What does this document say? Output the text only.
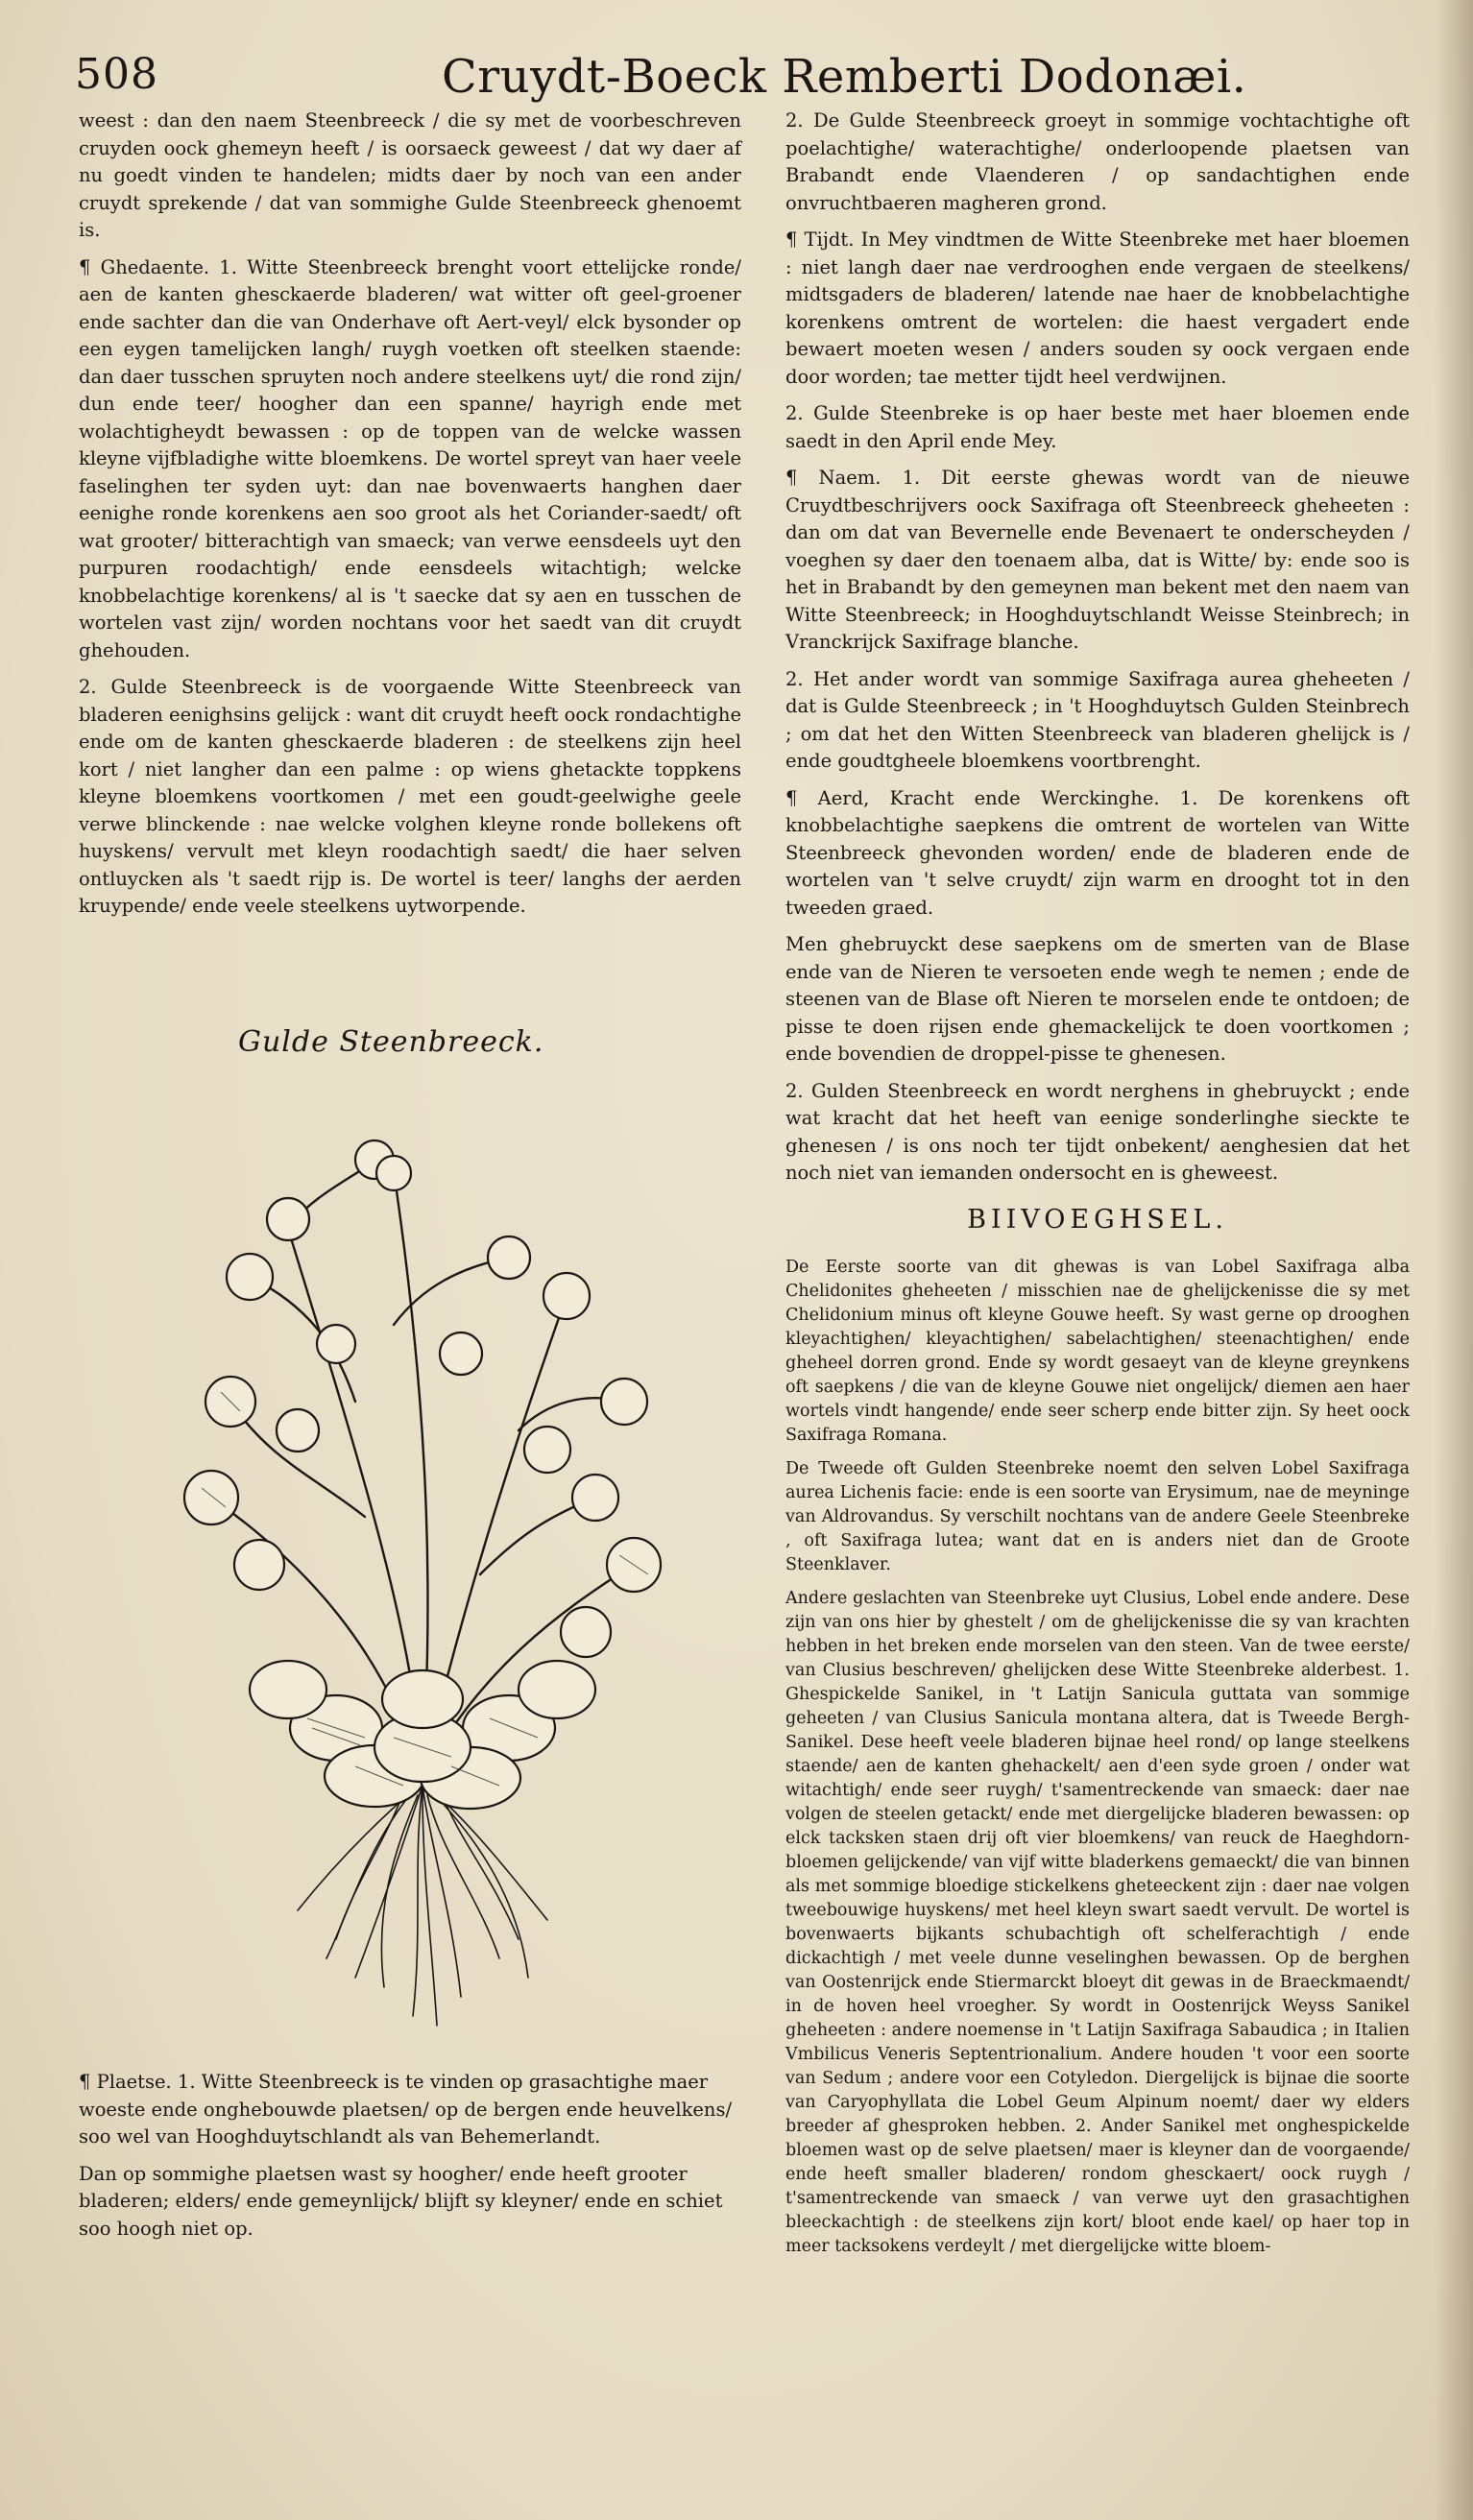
508	Cruydt-Boeck Remberti Dodonæi.

weest : dan den naem Steenbreeck / die sy met de voorbeschreven cruyden oock ghemeyn heeft / is oorsaeck geweest / dat wy daer af nu goedt vinden te handelen; midts daer by noch van een ander cruydt sprekende / dat van sommighe Gulde Steenbreeck ghenoemt is.

¶ Ghedaente. 1. Witte Steenbreeck brenght voort ettelijcke ronde/ aen de kanten ghesckaerde bladeren/ wat witter oft geel-groener ende sachter dan die van Onderhave oft Aert-veyl/ elck bysonder op een eygen tamelijcken langh/ ruygh voetken oft steelken staende: dan daer tusschen spruyten noch andere steelkens uyt/ die rond zijn/ dun ende teer/ hoogher dan een spanne/ hayrigh ende met wolachtigheydt bewassen : op de toppen van de welcke wassen kleyne vijfbladighe witte bloemkens. De wortel spreyt van haer veele faselinghen ter syden uyt: dan nae bovenwaerts hanghen daer eenighe ronde korenkens aen soo groot als het Coriander-saedt/ oft wat grooter/ bitterachtigh van smaeck; van verwe eensdeels uyt den purpuren roodachtigh/ ende eensdeels witachtigh; welcke knobbelachtige korenkens/ al is 't saecke dat sy aen en tusschen de wortelen vast zijn/ worden nochtans voor het saedt van dit cruydt ghehouden.

2. Gulde Steenbreeck is de voorgaende Witte Steenbreeck van bladeren eenighsins gelijck : want dit cruydt heeft oock rondachtighe ende om de kanten ghesckaerde bladeren : de steelkens zijn heel kort / niet langher dan een palme : op wiens ghetackte toppkens kleyne bloemkens voortkomen / met een goudt-geelwighe geele verwe blinckende : nae welcke volghen kleyne ronde bollekens oft huyskens/ vervult met kleyn roodachtigh saedt/ die haer selven ontluycken als 't saedt rijp is. De wortel is teer/ langhs der aerden kruypende/ ende veele steelkens uytworpende.

Gulde Steenbreeck.

¶ Plaetse. 1. Witte Steenbreeck is te vinden op grasachtighe maer woeste ende onghebouwde plaetsen/ op de bergen ende heuvelkens/ soo wel van Hooghduytschlandt als van Behemerlandt.

Dan op sommighe plaetsen wast sy hoogher/ ende heeft grooter bladeren; elders/ ende gemeynlijck/ blijft sy kleyner/ ende en schiet soo hoogh niet op.

2. De Gulde Steenbreeck groeyt in sommige vochtachtighe oft poelachtighe/ waterachtighe/ onderloopende plaetsen van Brabandt ende Vlaenderen / op sandachtighen ende onvruchtbaeren magheren grond.

¶ Tijdt. In Mey vindtmen de Witte Steenbreke met haer bloemen : niet langh daer nae verdrooghen ende vergaen de steelkens/ midtsgaders de bladeren/ latende nae haer de knobbelachtighe korenkens omtrent de wortelen: die haest vergadert ende bewaert moeten wesen / anders souden sy oock vergaen ende door worden; tae metter tijdt heel verdwijnen.

2. Gulde Steenbreke is op haer beste met haer bloemen ende saedt in den April ende Mey.

¶ Naem. 1. Dit eerste ghewas wordt van de nieuwe Cruydtbeschrijvers oock Saxifraga oft Steenbreeck gheheeten : dan om dat van Bevernelle ende Bevenaert te onderscheyden / voeghen sy daer den toenaem alba, dat is Witte/ by: ende soo is het in Brabandt by den gemeynen man bekent met den naem van Witte Steenbreeck; in Hooghduytschlandt Weisse Steinbrech; in Vranckrijck Saxifrage blanche.

2. Het ander wordt van sommige Saxifraga aurea gheheeten / dat is Gulde Steenbreeck ; in 't Hooghduytsch Gulden Steinbrech ; om dat het den Witten Steenbreeck van bladeren ghelijck is / ende goudtgheele bloemkens voortbrenght.

¶ Aerd, Kracht ende Werckinghe. 1. De korenkens oft knobbelachtighe saepkens die omtrent de wortelen van Witte Steenbreeck ghevonden worden/ ende de bladeren ende de wortelen van 't selve cruydt/ zijn warm en drooght tot in den tweeden graed.

Men ghebruyckt dese saepkens om de smerten van de Blase ende van de Nieren te versoeten ende wegh te nemen ; ende de steenen van de Blase oft Nieren te morselen ende te ontdoen; de pisse te doen rijsen ende ghemackelijck te doen voortkomen ; ende bovendien de droppel-pisse te ghenesen.

2. Gulden Steenbreeck en wordt nerghens in ghebruyckt ; ende wat kracht dat het heeft van eenige sonderlinghe sieckte te ghenesen / is ons noch ter tijdt onbekent/ aenghesien dat het noch niet van iemanden ondersocht en is gheweest.

BIIVOEGHSEL.

De Eerste soorte van dit ghewas is van Lobel Saxifraga alba Chelidonites gheheeten / misschien nae de ghelijckenisse die sy met Chelidonium minus oft kleyne Gouwe heeft. Sy wast gerne op drooghen kleyachtighen/ kleyachtighen/ sabelachtighen/ steenachtighen/ ende gheheel dorren grond. Ende sy wordt gesaeyt van de kleyne greynkens oft saepkens / die van de kleyne Gouwe niet ongelijck/ diemen aen haer wortels vindt hangende/ ende seer scherp ende bitter zijn. Sy heet oock Saxifraga Romana.

De Tweede oft Gulden Steenbreke noemt den selven Lobel Saxifraga aurea Lichenis facie: ende is een soorte van Erysimum, nae de meyninge van Aldrovandus. Sy verschilt nochtans van de andere Geele Steenbreke , oft Saxifraga lutea; want dat en is anders niet dan de Groote Steenklaver.

Andere geslachten van Steenbreke uyt Clusius, Lobel ende andere. Dese zijn van ons hier by ghestelt / om de ghelijckenisse die sy van krachten hebben in het breken ende morselen van den steen. Van de twee eerste/ van Clusius beschreven/ ghelijcken dese Witte Steenbreke alderbest. 1. Ghespickelde Sanikel, in 't Latijn Sanicula guttata van sommige geheeten / van Clusius Sanicula montana altera, dat is Tweede Bergh-Sanikel. Dese heeft veele bladeren bijnae heel rond/ op lange steelkens staende/ aen de kanten ghehackelt/ aen d'een syde groen / onder wat witachtigh/ ende seer ruygh/ t'samentreckende van smaeck: daer nae volgen de steelen getackt/ ende met diergelijcke bladeren bewassen: op elck tacksken staen drij oft vier bloemkens/ van reuck de Haeghdorn-bloemen gelijckende/ van vijf witte bladerkens gemaeckt/ die van binnen als met sommige bloedige stickelkens gheteeckent zijn : daer nae volgen tweebouwige huyskens/ met heel kleyn swart saedt vervult. De wortel is bovenwaerts bijkants schubachtigh oft schelferachtigh / ende dickachtigh / met veele dunne veselinghen bewassen. Op de berghen van Oostenrijck ende Stiermarckt bloeyt dit gewas in de Braeckmaendt/ in de hoven heel vroegher. Sy wordt in Oostenrijck Weyss Sanikel gheheeten : andere noemense in 't Latijn Saxifraga Sabaudica ; in Italien Vmbilicus Veneris Septentrionalium. Andere houden 't voor een soorte van Sedum ; andere voor een Cotyledon. Diergelijck is bijnae die soorte van Caryophyllata die Lobel Geum Alpinum noemt/ daer wy elders breeder af ghesproken hebben. 2. Ander Sanikel met onghespickelde bloemen wast op de selve plaetsen/ maer is kleyner dan de voorgaende/ ende heeft smaller bladeren/ rondom ghesckaert/ oock ruygh / t'samentreckende van smaeck / van verwe uyt den grasachtighen bleeckachtigh : de steelkens zijn kort/ bloot ende kael/ op haer top in meer tacksokens verdeylt / met diergelijcke witte bloem-
